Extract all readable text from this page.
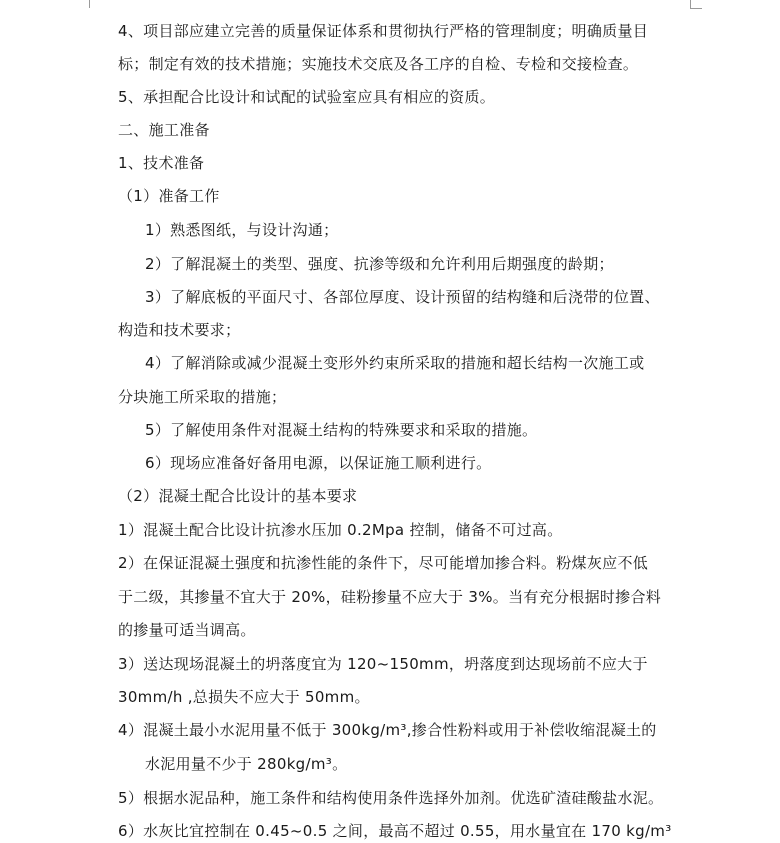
4、项目部应建立完善的质量保证体系和贯彻执行严格的管理制度；明确质量目
标；制定有效的技术措施；实施技术交底及各工序的自检、专检和交接检查。
5、承担配合比设计和试配的试验室应具有相应的资质。
二、施工准备
1、技术准备
（1）准备工作
1）熟悉图纸，与设计沟通；
2）了解混凝土的类型、强度、抗渗等级和允许利用后期强度的龄期；
3）了解底板的平面尺寸、各部位厚度、设计预留的结构缝和后浇带的位置、
构造和技术要求；
4）了解消除或减少混凝土变形外约束所采取的措施和超长结构一次施工或
分块施工所采取的措施；
5）了解使用条件对混凝土结构的特殊要求和采取的措施。
6）现场应准备好备用电源，以保证施工顺利进行。
（2）混凝土配合比设计的基本要求
1）混凝土配合比设计抗渗水压加 0.2Mpa 控制，储备不可过高。
2）在保证混凝土强度和抗渗性能的条件下，尽可能增加掺合料。粉煤灰应不低
于二级，其掺量不宜大于 20%，硅粉掺量不应大于 3%。当有充分根据时掺合料
的掺量可适当调高。
3）送达现场混凝土的坍落度宜为 120~150mm，坍落度到达现场前不应大于
30mm/h ,总损失不应大于 50mm。
4）混凝土最小水泥用量不低于 300kg/m³,掺合性粉料或用于补偿收缩混凝土的
水泥用量不少于 280kg/m³。
5）根据水泥品种，施工条件和结构使用条件选择外加剂。优选矿渣硅酸盐水泥。
6）水灰比宜控制在 0.45~0.5 之间，最高不超过 0.55，用水量宜在 170 kg/m³
